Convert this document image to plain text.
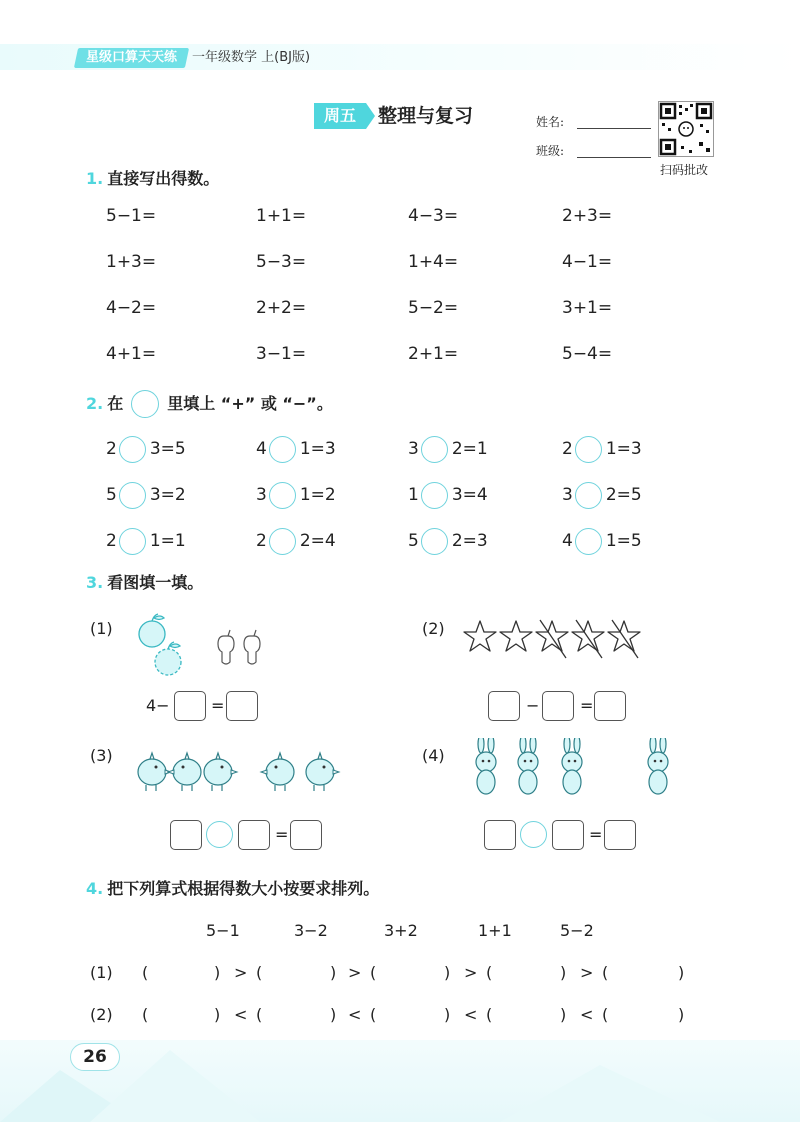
星级口算天天练	一年级数学 上(BJ版)
周五	整理与复习	姓名:
班级:
扫码批改
1. 直接写出得数。
5−1=	1+1=	4−3=	2+3=
1+3=	5−3=	1+4=	4−1=
4−2=	2+2=	5−2=	3+1=
4+1=	3−1=	2+1=	5−4=
2. 在	里填上 “+” 或 “−”。
2 3=5	4 1=3	3 2=1	2 1=3
5 3=2	3 1=2	1 3=4	3 2=5
2 1=1	2 2=4	5 2=3	4 1=5
3. 看图填一填。
(1)
4−	=
(2)
−	=
(3)
=
(4)
=
4. 把下列算式根据得数大小按要求排列。
5−1	3−2	3+2	1+1	5−2
(1) (	) > (	) > (	) > (	) > (	)
(2) (	) < (	) < (	) < (	) < (	)
26
